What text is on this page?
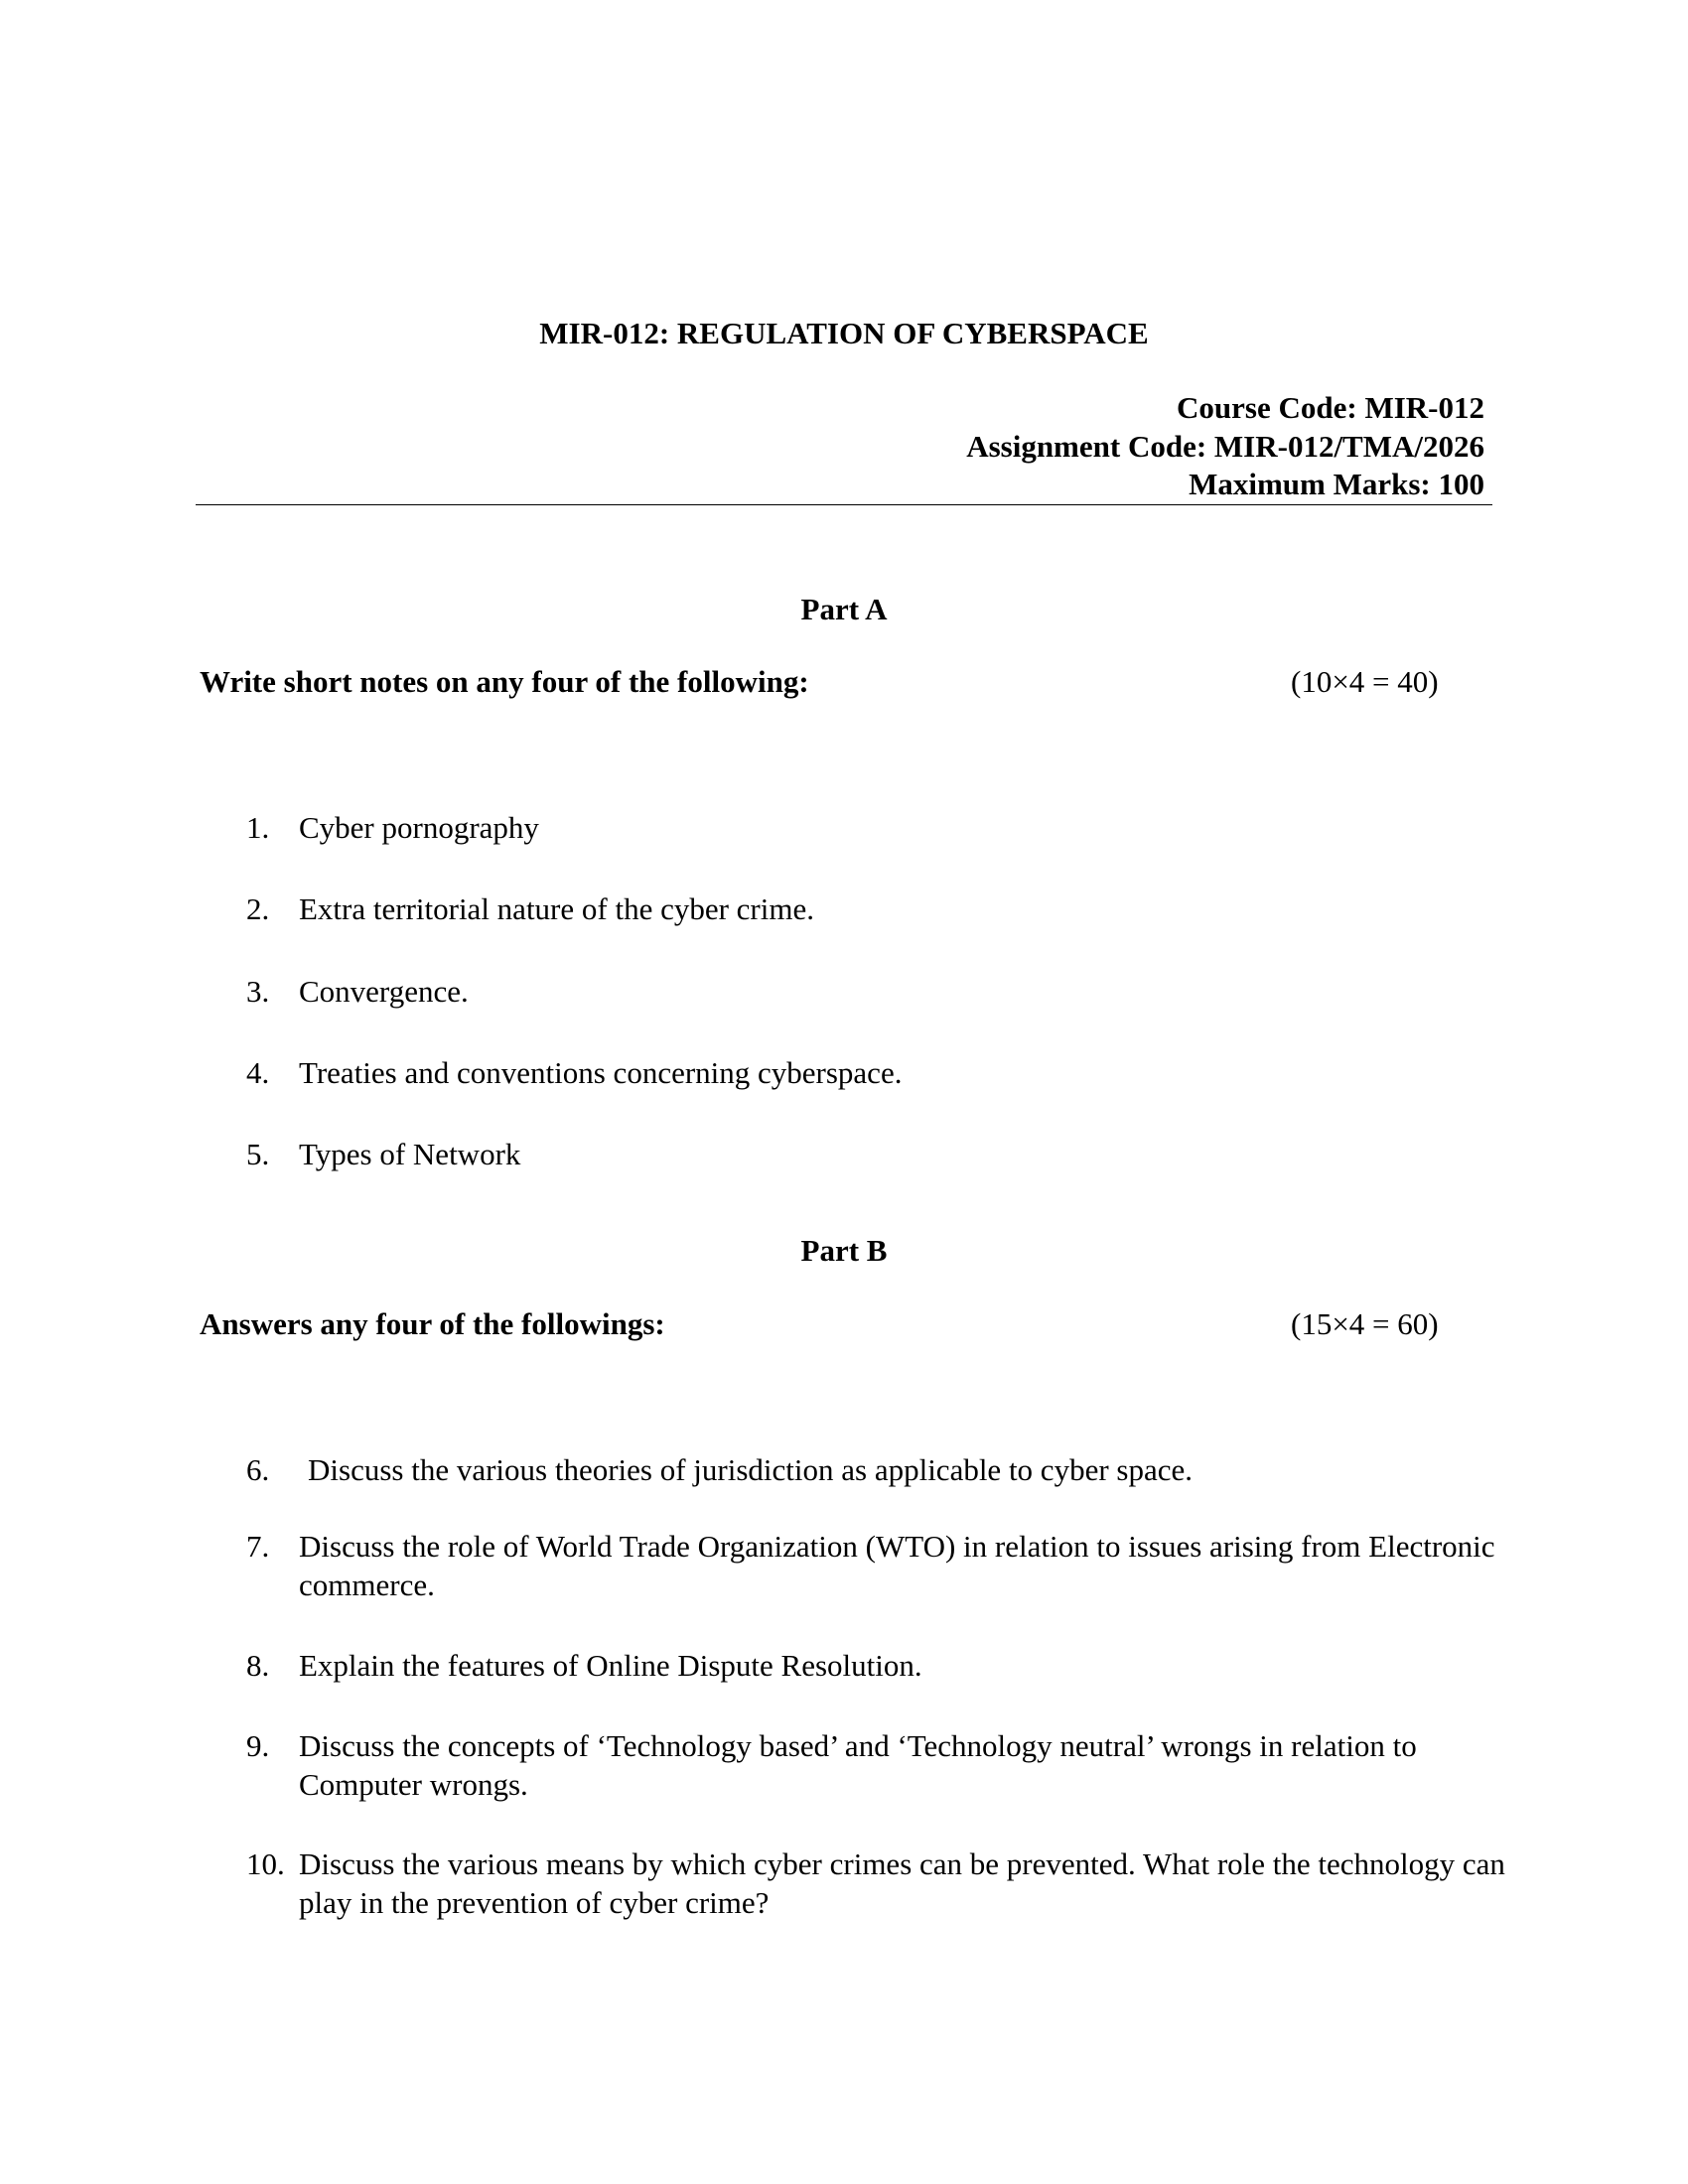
MIR-012: REGULATION OF CYBERSPACE
Course Code: MIR-012
Assignment Code: MIR-012/TMA/2026
Maximum Marks: 100
Part A
Write short notes on any four of the following:	(10×4 = 40)
1. Cyber pornography
2. Extra territorial nature of the cyber crime.
3. Convergence.
4. Treaties and conventions concerning cyberspace.
5. Types of Network
Part B
Answers any four of the followings:	(15×4 = 60)
6. Discuss the various theories of jurisdiction as applicable to cyber space.
7. Discuss the role of World Trade Organization (WTO) in relation to issues arising from Electronic commerce.
8. Explain the features of Online Dispute Resolution.
9. Discuss the concepts of ‘Technology based’ and ‘Technology neutral’ wrongs in relation to Computer wrongs.
10. Discuss the various means by which cyber crimes can be prevented. What role the technology can play in the prevention of cyber crime?
